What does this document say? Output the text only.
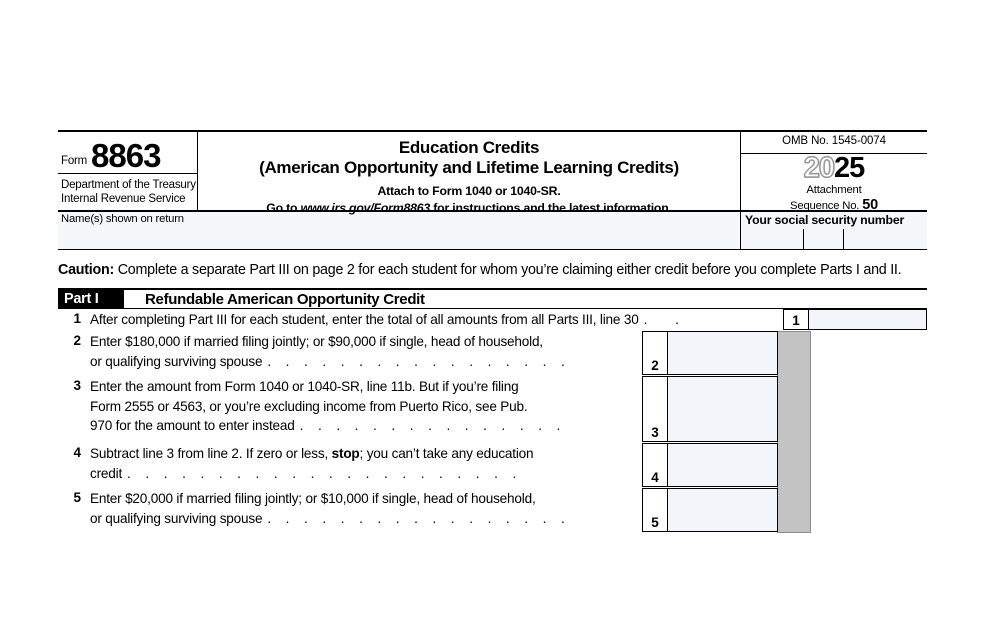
Form 8863
Department of the Treasury
Internal Revenue Service
Education Credits
(American Opportunity and Lifetime Learning Credits)
Attach to Form 1040 or 1040-SR.
Go to www.irs.gov/Form8863 for instructions and the latest information.
OMB No. 1545-0074
2025
Attachment
Sequence No. 50
Name(s) shown on return	Your social security number
Caution: Complete a separate Part III on page 2 for each student for whom you’re claiming either credit before you complete Parts I and II.
Part I	Refundable American Opportunity Credit
1 After completing Part III for each student, enter the total of all amounts from all Parts III, line 30 . .	1
2 Enter $180,000 if married filing jointly; or $90,000 if single, head of household,
or qualifying surviving spouse . . . . . . . . . . . . . . . . .	2
3 Enter the amount from Form 1040 or 1040-SR, line 11b. But if you’re filing
Form 2555 or 4563, or you’re excluding income from Puerto Rico, see Pub.
970 for the amount to enter instead . . . . . . . . . . . . . . .	3
4 Subtract line 3 from line 2. If zero or less, stop; you can’t take any education
credit . . . . . . . . . . . . . . . . . . . . . .	4
5 Enter $20,000 if married filing jointly; or $10,000 if single, head of household,
or qualifying surviving spouse . . . . . . . . . . . . . . . . .	5
